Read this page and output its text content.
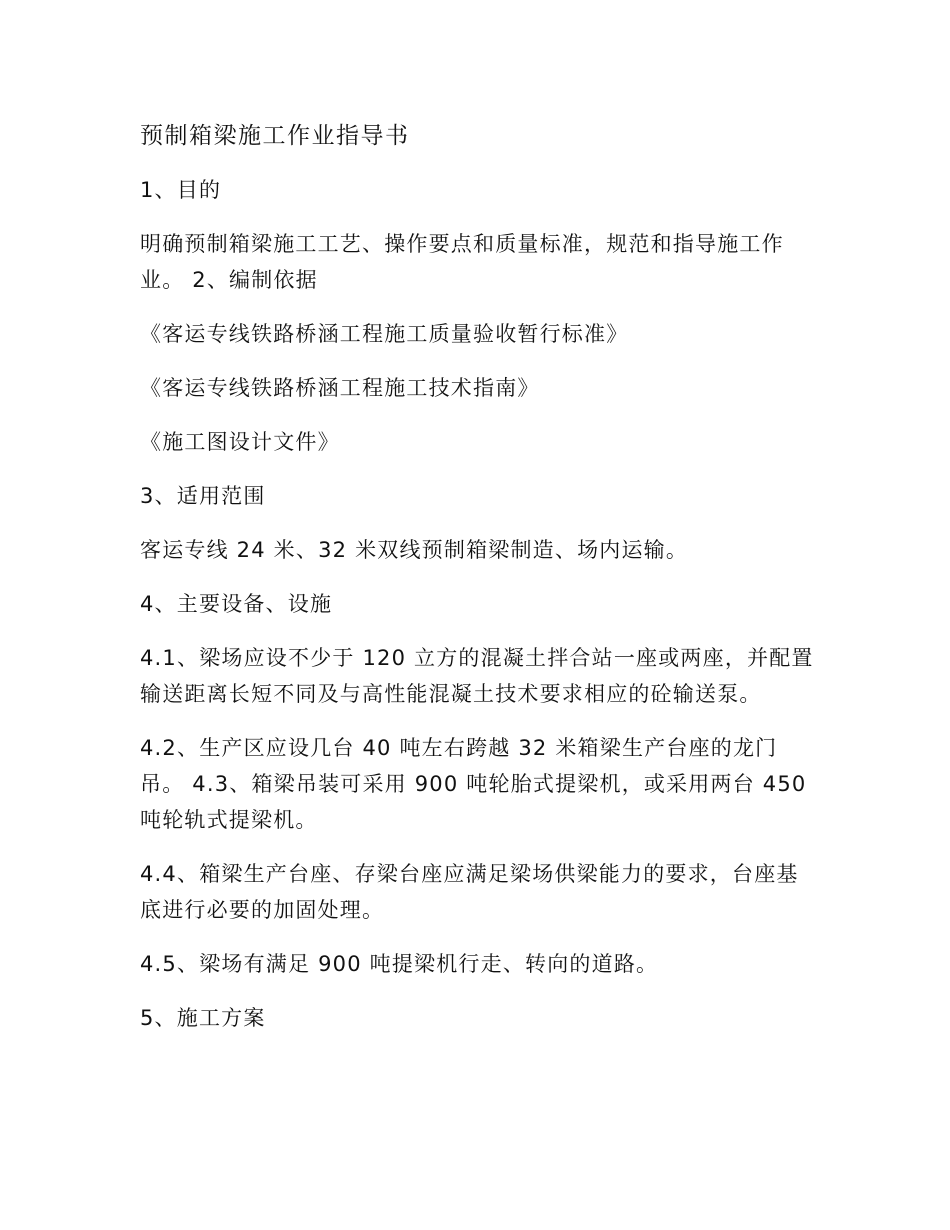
预制箱梁施工作业指导书

1、目的

明确预制箱梁施工工艺、操作要点和质量标准，规范和指导施工作业。 2、编制依据

《客运专线铁路桥涵工程施工质量验收暂行标准》

《客运专线铁路桥涵工程施工技术指南》

《施工图设计文件》

3、适用范围

客运专线 24 米、32 米双线预制箱梁制造、场内运输。

4、主要设备、设施

4.1、梁场应设不少于 120 立方的混凝土拌合站一座或两座，并配置输送距离长短不同及与高性能混凝土技术要求相应的砼输送泵。

4.2、生产区应设几台 40 吨左右跨越 32 米箱梁生产台座的龙门吊。 4.3、箱梁吊装可采用 900 吨轮胎式提梁机，或采用两台 450 吨轮轨式提梁机。

4.4、箱梁生产台座、存梁台座应满足梁场供梁能力的要求，台座基底进行必要的加固处理。

4.5、梁场有满足 900 吨提梁机行走、转向的道路。

5、施工方案
